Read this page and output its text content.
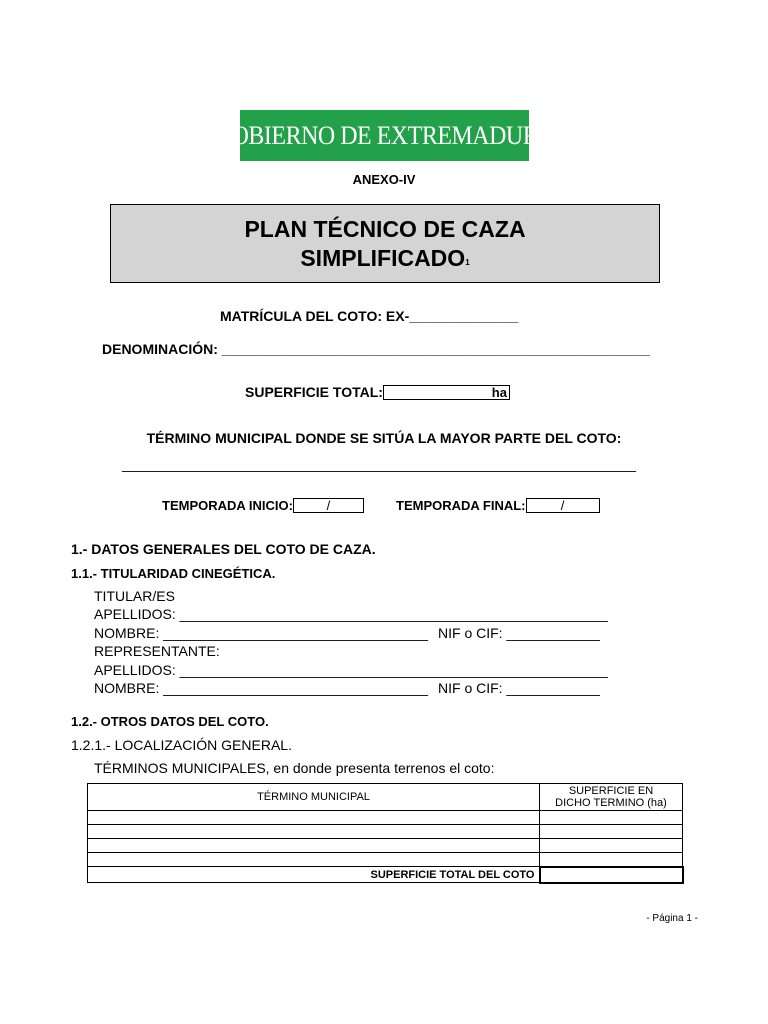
GOBIERNO DE EXTREMADURA
ANEXO-IV
PLAN TÉCNICO DE CAZA
SIMPLIFICADO$^1$
MATRÍCULA DEL COTO: EX-______________
DENOMINACIÓN: _______________________________________________________
SUPERFICIE TOTAL:	ha
TÉRMINO MUNICIPAL DONDE SE SITÚA LA MAYOR PARTE DEL COTO:
__________________________________________________________________
TEMPORADA INICIO:	/	TEMPORADA FINAL:	/
1.- DATOS GENERALES DEL COTO DE CAZA.
1.1.- TITULARIDAD CINEGÉTICA.
TITULAR/ES
APELLIDOS: _______________________________________________________
NOMBRE: __________________________________ NIF o CIF: ____________
REPRESENTANTE:
APELLIDOS: _______________________________________________________
NOMBRE: __________________________________ NIF o CIF: ____________
1.2.- OTROS DATOS DEL COTO.
1.2.1.- LOCALIZACIÓN GENERAL.
TÉRMINOS MUNICIPALES, en donde presenta terrenos el coto:
TÉRMINO MUNICIPAL	SUPERFICIE EN
DICHO TERMINO (ha)

SUPERFICIE TOTAL DEL COTO	
- Página 1 -
